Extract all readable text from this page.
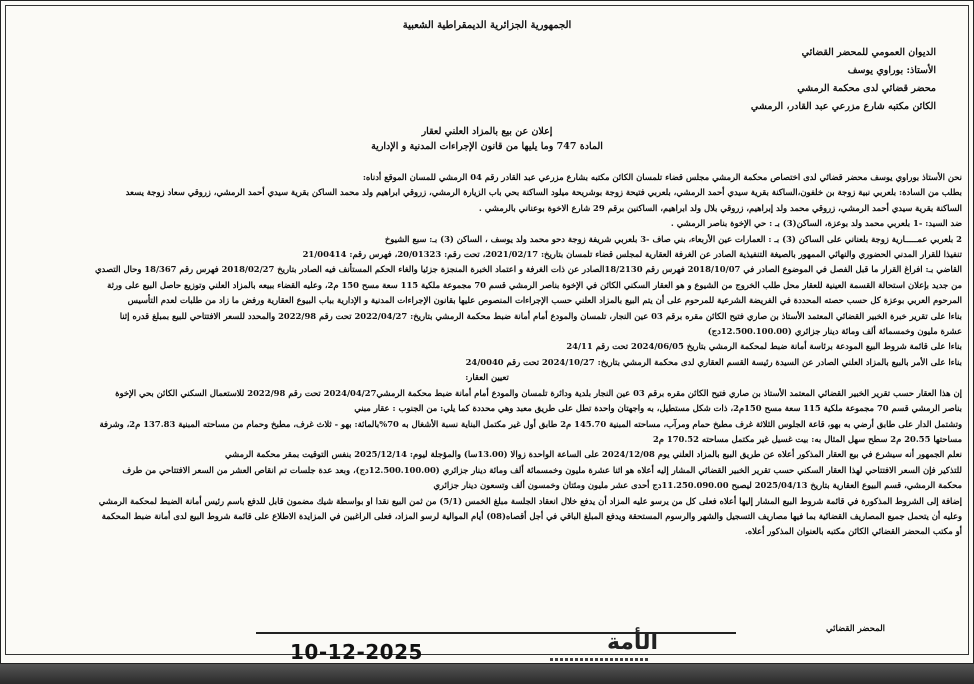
الجمهورية الجزائرية الديمقراطية الشعبية
الديوان العمومي للمحضر القضائي
الأستاذ: بوراوي يوسف
محضر قضائي لدى محكمة الرمشي
الكائن مكتبه شارع مزرعي عبد القادر، الرمشي
إعلان عن بيع بالمزاد العلني لعقار
المادة 747 وما يليها من قانون الإجراءات المدنية و الإدارية

نحن الأستاذ بوراوي يوسف محضر قضائي لدى اختصاص محكمة الرمشي مجلس قضاء تلمسان الكائن مكتبه بشارع مزرعي عبد القادر رقم 04 الرمشي للمسان الموقع أدناه:

بطلب من السادة: بلعربي نبية زوجة بن خلفون،الساكنة بقرية سيدي أحمد الرمشي، بلعربي فتيحة زوجة بوشريحة ميلود الساكنة بحي باب الزيارة الرمشي، زروقي ابراهيم ولد محمد الساكن بقرية سيدي أحمد الرمشي، زروقي سعاد زوجة يسعد

الساكنة بقرية سيدي أحمد الرمشي، زروقي محمد ولد إبراهيم، زروقي بلال ولد ابراهيم، الساكنين برقم 29 شارع الاخوة بوعناني بالرمشي .

ضد السيد: -1 بلعربي محمد ولد بوعزة، الساكن(3) بـ : حي الإخوة بناصر الرمشي .

2 بلعربي عمـــــارية زوجة بلعناني على الساكن (3) بـ : العمارات عين الأربعاء، بني صاف -3 بلعربي شريفة زوجة دحو محمد ولد يوسف ، الساكن (3) بـ: سبع الشيوخ

تنفيذا للقرار المدني الحضوري والنهائي الممهور بالصيغة التنفيذية الصادر عن الغرفة العقارية لمجلس قضاء تلمسان بتاريخ: 2021/02/17، تحت رقم: 20/01323، فهرس رقم: 21/00414

القاضي بـ: افراغ القرار ما قبل الفصل في الموضوع الصادر في 2018/10/07 فهرس رقم 18/2130الصادر عن ذات الغرفة و اعتماد الخبرة المنجزة جزئيا والغاء الحكم المستأنف فيه الصادر بتاريخ 2018/02/27 فهرس رقم 18/367 وحال التصدي

من جديد بإعلان استحالة القسمة العينية للعقار محل طلب الخروج من الشيوع و هو العقار السكني الكائن في الإخوة بناصر الرمشي قسم 70 مجموعة ملكية 115 سعة مسح 150 م2، وعليه القضاء ببيعه بالمزاد العلني وتوزيع حاصل البيع على ورثة

المرحوم العربي بوعزة كل حسب حصته المحددة في الفريضة الشرعية للمرحوم على أن يتم البيع بالمزاد العلني حسب الإجراءات المنصوص عليها بقانون الإجراءات المدنية و الإدارية بباب البيوع العقارية ورفض ما زاد من طلبات لعدم التأسيس

بناءا على تقرير خبرة الخبير القضائي المعتمد الأستاذ بن صاري فتيح الكائن مقره برقم 03 عين النجار، تلمسان والمودع أمام أمانة ضبط محكمة الرمشي بتاريخ: 2022/04/27 تحت رقم 2022/98 والمحدد للسعر الافتتاحي للبيع بمبلغ قدره إثنا

عشرة مليون وخمسمائة ألف ومائة دينار جزائري (12.500.100.00دج)

بناءا على قائمة شروط البيع المودعة برئاسة أمانة ضبط لمحكمة الرمشي بتاريخ 2024/06/05 تحت رقم 24/11

بناءا على الأمر بالبيع بالمزاد العلني الصادر عن السيدة رئيسة القسم العقاري لدى محكمة الرمشي بتاريخ: 2024/10/27 تحت رقم 24/0040

تعيين العقار:

إن هذا العقار حسب تقرير الخبير القضائي المعتمد الأستاذ بن صاري فتيح الكائن مقره برقم 03 عين النجار بلدية ودائرة تلمسان والمودع أمام أمانة ضبط محكمة الرمشي2024/04/27 تحت رقم 2022/98 للاستعمال السكني الكائن بحي الإخوة

بناصر الرمشي قسم 70 مجموعة ملكية 115 سعة مسح 150م2، ذات شكل مستطيل، به واجهتان واحدة تطل على طريق معبد وهي محددة كما يلي: من الجنوب : عقار مبني

وتشتمل الدار على طابق أرضي به بهو، قاعة الجلوس الثلاثة غرف مطبخ حمام ومرآب، مساحته المبنية 145.70 م2 طابق أول غير مكتمل البناية نسبة الأشغال به 70%بالمائة: بهو - ثلاث غرف، مطبخ وحمام من مساحته المبنية 137.83 م2، وشرفة

مساحتها 20.55 م2 سطح سهل المثال به: بيت غسيل غير مكتمل مساحته 170.52 م2

نعلم الجمهور أنه سيشرع في بيع العقار المذكور أعلاه عن طريق البيع بالمزاد العلني يوم 2024/12/08 على الساعة الواحدة زوالا (13.00سا) والمؤجلة ليوم: 2025/12/14 بنفس التوقيت بمقر محكمة الرمشي

للتذكير فإن السعر الافتتاحي لهذا العقار السكني حسب تقرير الخبير القضائي المشار إليه أعلاه هو اثنا عشرة مليون وخمسمائة ألف ومائة دينار جزائري (12.500.100.00دج)، وبعد عدة جلسات تم انقاص العشر من السعر الافتتاحي من طرف

محكمة الرمشي، قسم البيوع العقارية بتاريخ 2025/04/13 ليصبح 11.250.090.00دج أحدى عشر مليون ومئتان وخمسون ألف وتسعون دينار جزائري

إضافة إلى الشروط المذكورة في قائمة شروط البيع المشار إليها أعلاه فعلى كل من يرسو عليه المزاد أن يدفع خلال انعقاد الجلسة مبلغ الخمس (5/1) من ثمن البيع نقدا او بواسطة شيك مضمون قابل للدفع باسم رئيس أمانة الضبط لمحكمة الرمشي

وعليه أن يتحمل جميع المصاريف القضائية بما فيها مصاريف التسجيل والشهر والرسوم المستحقة ويدفع المبلغ الباقي في أجل أقصاه(08) أيام الموالية لرسو المزاد، فعلى الراغبين في المزايدة الاطلاع على قائمة شروط البيع لدى أمانة ضبط المحكمة

أو مكتب المحضر القضائي الكائن مكتبه بالعنوان المذكور أعلاه.

المحضر القضائي
10-12-2025	الأمة
